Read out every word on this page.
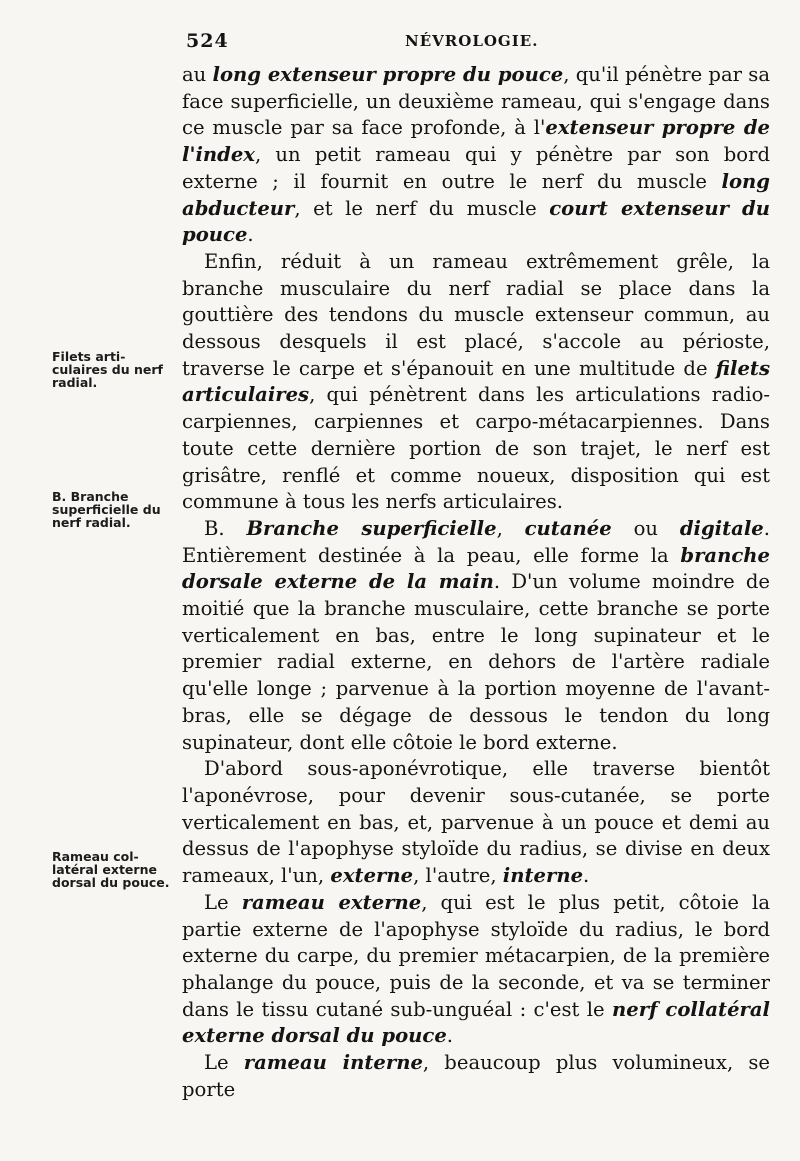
524	NÉVROLOGIE.

Filets arti- culaires du nerf radial.

B. Branche superficielle du nerf radial.

Rameau col- latéral externe dorsal du pouce.

au long extenseur propre du pouce, qu'il pénètre par sa face superficielle, un deuxième rameau, qui s'engage dans ce muscle par sa face profonde, à l'extenseur propre de l'index, un petit rameau qui y pénètre par son bord externe ; il fournit en outre le nerf du muscle long abducteur, et le nerf du muscle court extenseur du pouce.

Enfin, réduit à un rameau extrêmement grêle, la branche musculaire du nerf radial se place dans la gouttière des tendons du muscle extenseur commun, au dessous desquels il est placé, s'accole au périoste, traverse le carpe et s'épanouit en une multitude de filets articulaires, qui pénètrent dans les articulations radio-carpiennes, carpiennes et carpo-métacarpiennes. Dans toute cette dernière portion de son trajet, le nerf est grisâtre, renflé et comme noueux, disposition qui est commune à tous les nerfs articulaires.

B. Branche superficielle, cutanée ou digitale. Entièrement destinée à la peau, elle forme la branche dorsale externe de la main. D'un volume moindre de moitié que la branche musculaire, cette branche se porte verticalement en bas, entre le long supinateur et le premier radial externe, en dehors de l'artère radiale qu'elle longe ; parvenue à la portion moyenne de l'avant-bras, elle se dégage de dessous le tendon du long supinateur, dont elle côtoie le bord externe.

D'abord sous-aponévrotique, elle traverse bientôt l'aponévrose, pour devenir sous-cutanée, se porte verticalement en bas, et, parvenue à un pouce et demi au dessus de l'apophyse styloïde du radius, se divise en deux rameaux, l'un, externe, l'autre, interne.

Le rameau externe, qui est le plus petit, côtoie la partie externe de l'apophyse styloïde du radius, le bord externe du carpe, du premier métacarpien, de la première phalange du pouce, puis de la seconde, et va se terminer dans le tissu cutané sub-unguéal : c'est le nerf collatéral externe dorsal du pouce.

Le rameau interne, beaucoup plus volumineux, se porte
